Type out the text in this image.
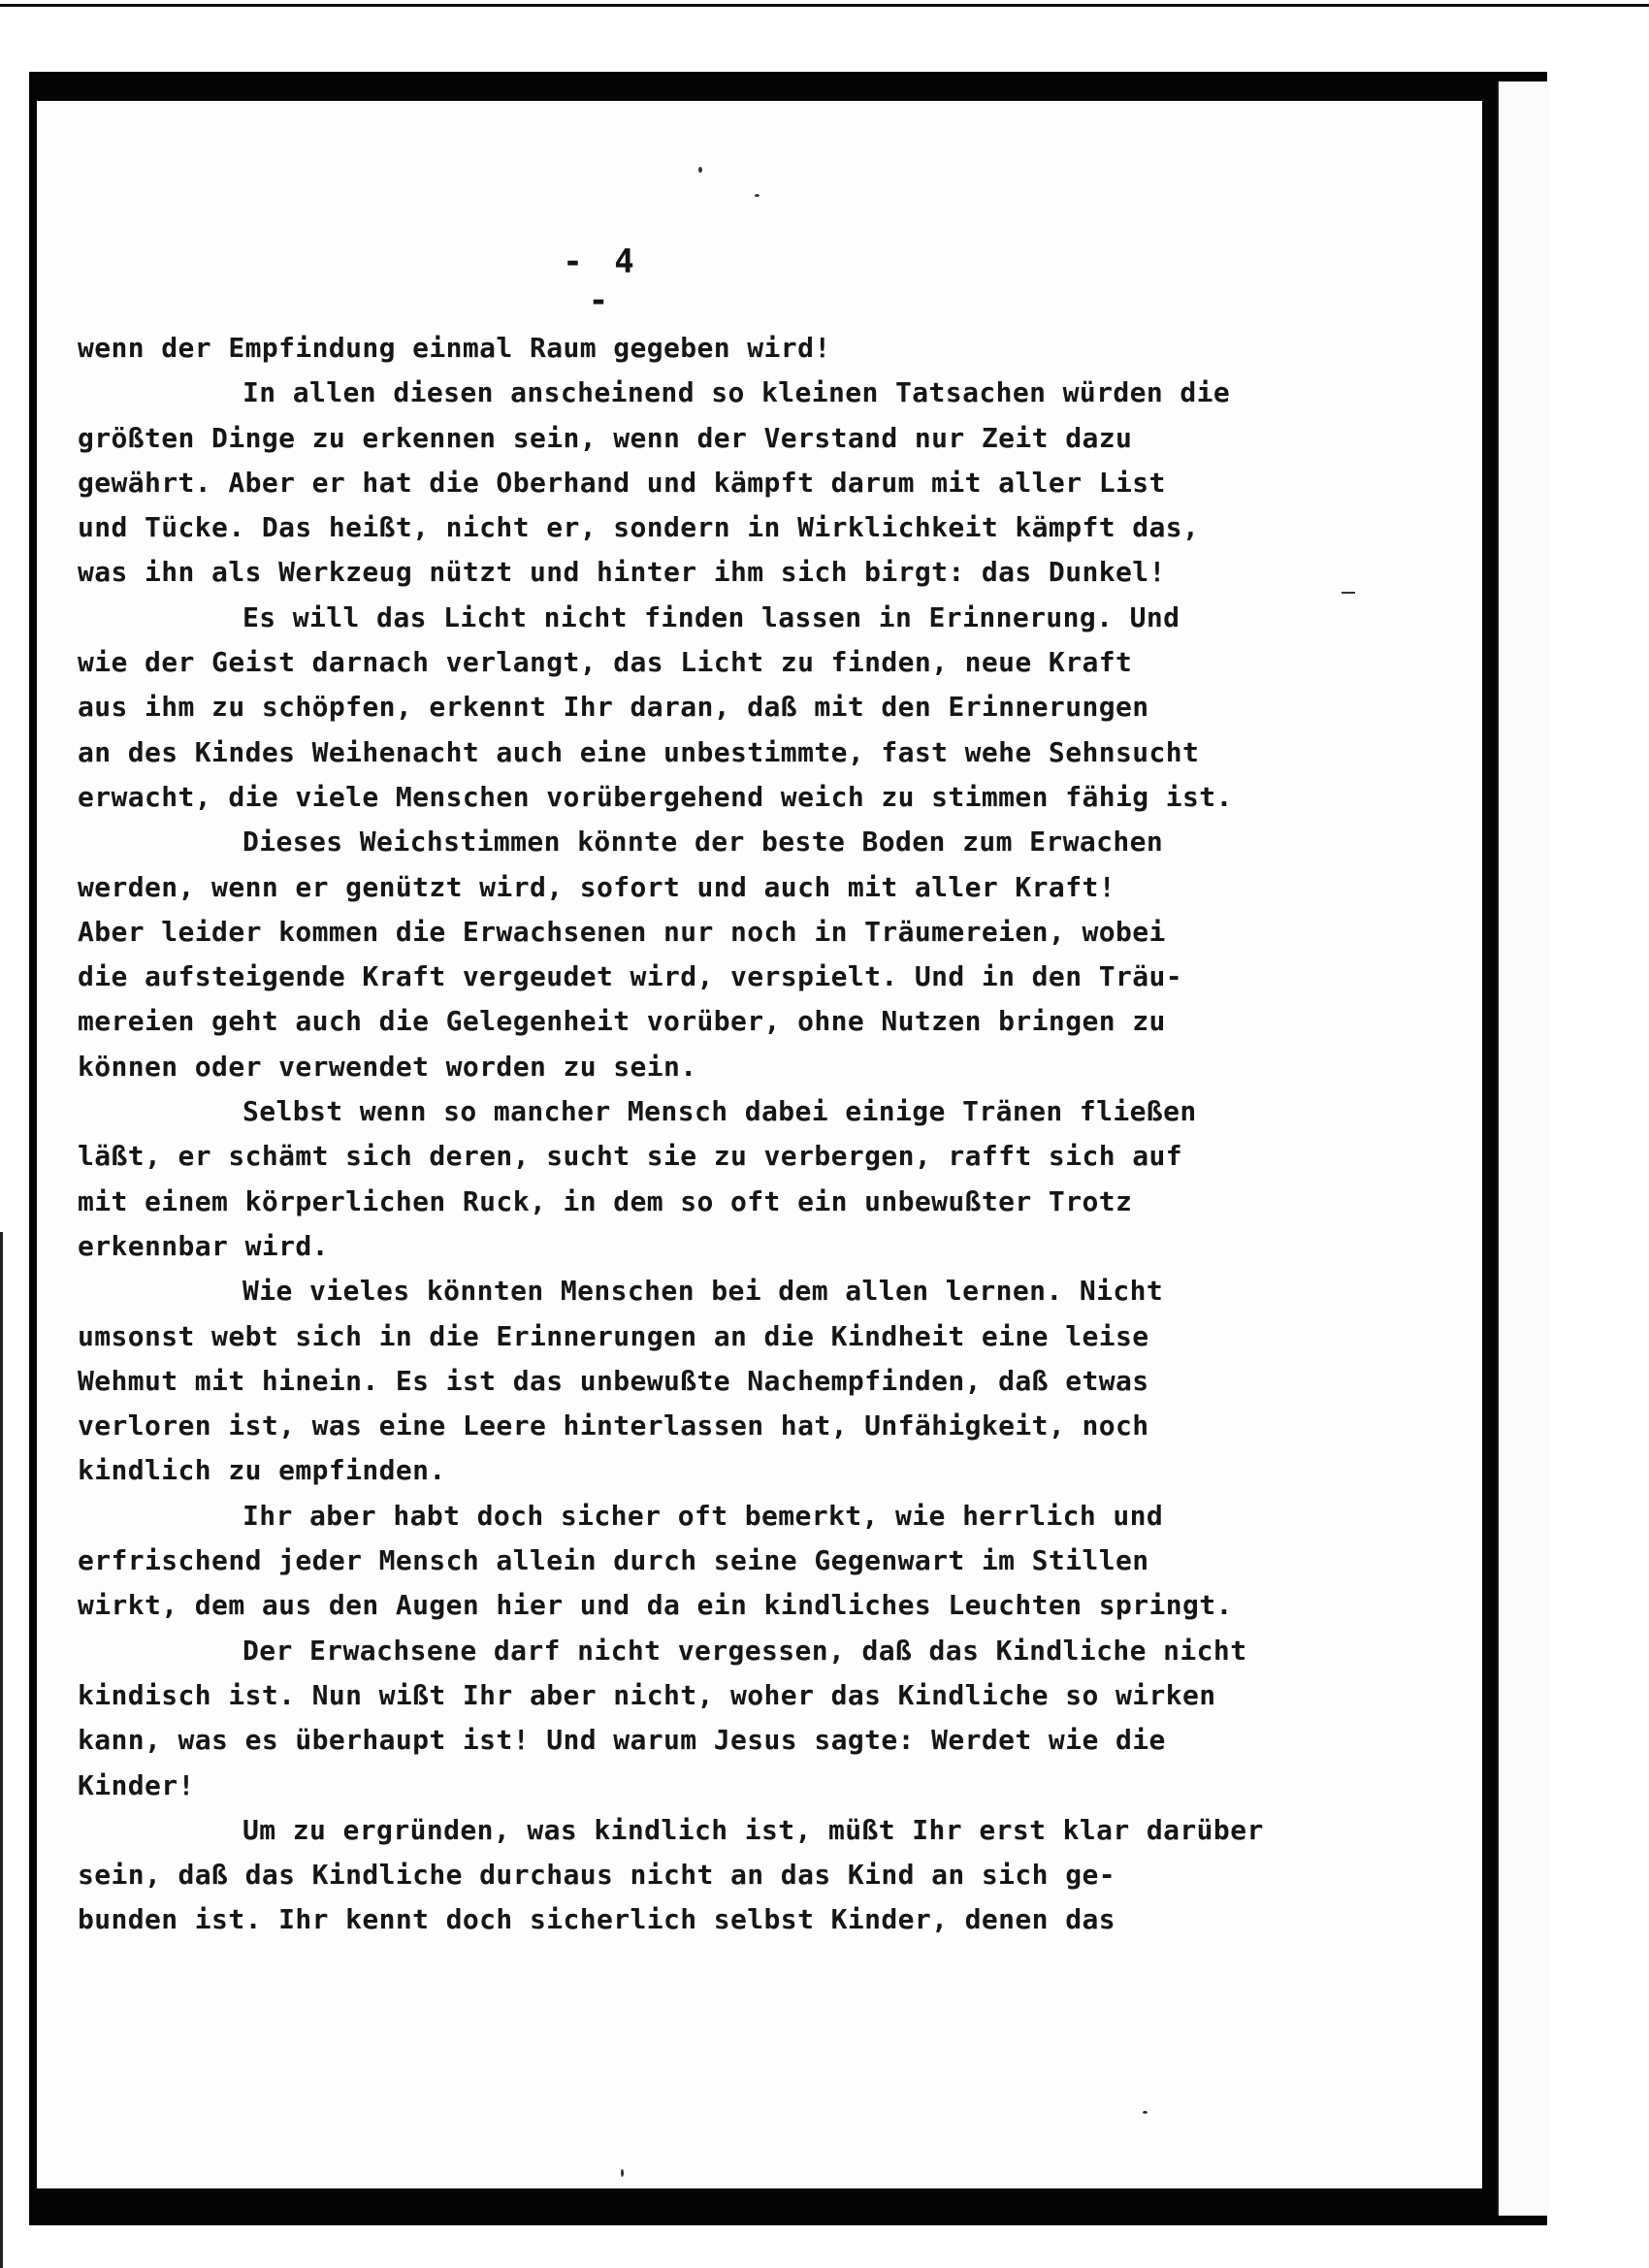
- 4 -
wenn der Empfindung einmal Raum gegeben wird!
In allen diesen anscheinend so kleinen Tatsachen würden die
größten Dinge zu erkennen sein, wenn der Verstand nur Zeit dazu
gewährt. Aber er hat die Oberhand und kämpft darum mit aller List
und Tücke. Das heißt, nicht er, sondern in Wirklichkeit kämpft das,
was ihn als Werkzeug nützt und hinter ihm sich birgt: das Dunkel!
Es will das Licht nicht finden lassen in Erinnerung. Und
wie der Geist darnach verlangt, das Licht zu finden, neue Kraft
aus ihm zu schöpfen, erkennt Ihr daran, daß mit den Erinnerungen
an des Kindes Weihenacht auch eine unbestimmte, fast wehe Sehnsucht
erwacht, die viele Menschen vorübergehend weich zu stimmen fähig ist.
Dieses Weichstimmen könnte der beste Boden zum Erwachen
werden, wenn er genützt wird, sofort und auch mit aller Kraft!
Aber leider kommen die Erwachsenen nur noch in Träumereien, wobei
die aufsteigende Kraft vergeudet wird, verspielt. Und in den Träu-
mereien geht auch die Gelegenheit vorüber, ohne Nutzen bringen zu
können oder verwendet worden zu sein.
Selbst wenn so mancher Mensch dabei einige Tränen fließen
läßt, er schämt sich deren, sucht sie zu verbergen, rafft sich auf
mit einem körperlichen Ruck, in dem so oft ein unbewußter Trotz
erkennbar wird.
Wie vieles könnten Menschen bei dem allen lernen. Nicht
umsonst webt sich in die Erinnerungen an die Kindheit eine leise
Wehmut mit hinein. Es ist das unbewußte Nachempfinden, daß etwas
verloren ist, was eine Leere hinterlassen hat, Unfähigkeit, noch
kindlich zu empfinden.
Ihr aber habt doch sicher oft bemerkt, wie herrlich und
erfrischend jeder Mensch allein durch seine Gegenwart im Stillen
wirkt, dem aus den Augen hier und da ein kindliches Leuchten springt.
Der Erwachsene darf nicht vergessen, daß das Kindliche nicht
kindisch ist. Nun wißt Ihr aber nicht, woher das Kindliche so wirken
kann, was es überhaupt ist! Und warum Jesus sagte: Werdet wie die
Kinder!
Um zu ergründen, was kindlich ist, müßt Ihr erst klar darüber
sein, daß das Kindliche durchaus nicht an das Kind an sich ge-
bunden ist. Ihr kennt doch sicherlich selbst Kinder, denen das
